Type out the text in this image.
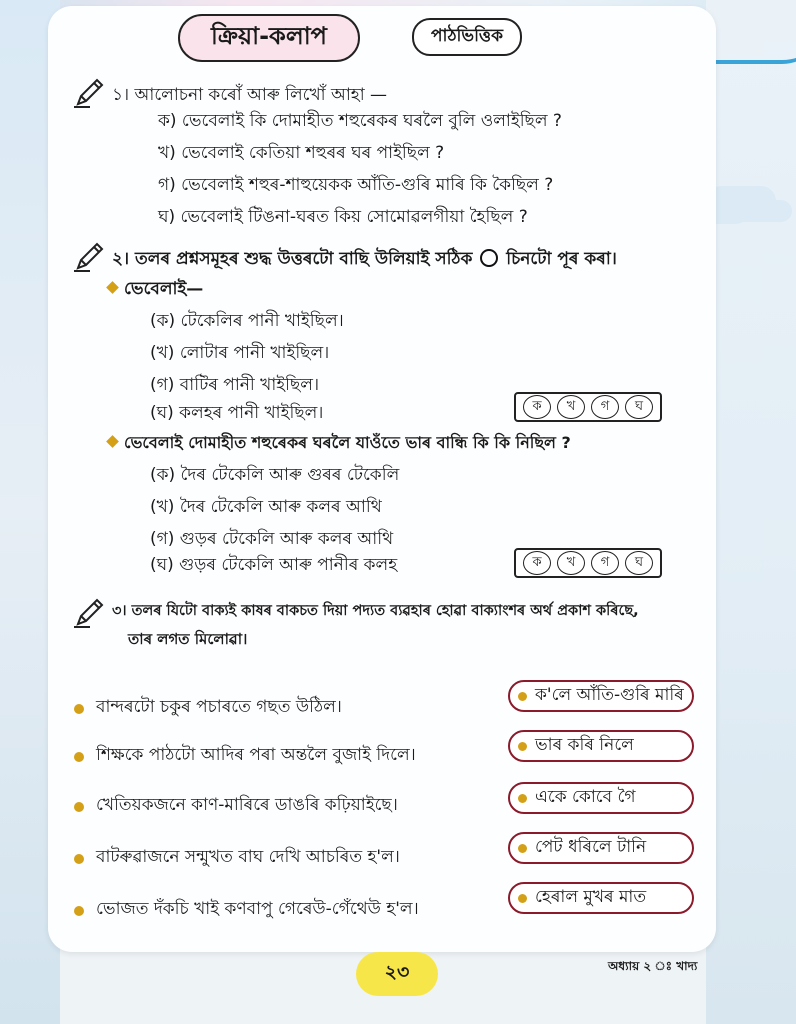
ক্রিয়া-কলাপ	পাঠভিত্তিক
১। আলোচনা কৰোঁ আৰু লিখোঁ আহা —
ক) ভেবেলাই কি দোমাহীত শহুৰেকৰ ঘৰলৈ বুলি ওলাইছিল ?
খ) ভেবেলাই কেতিয়া শহুৰৰ ঘৰ পাইছিল ?
গ) ভেবেলাই শহুৰ-শাহুয়েকক আঁতি-গুৰি মাৰি কি কৈছিল ?
ঘ) ভেবেলাই টিঙনা-ঘৰত কিয় সোমোৱলগীয়া হৈছিল ?
২। তলৰ প্ৰশ্নসমূহৰ শুদ্ধ উত্তৰটো বাছি উলিয়াই সঠিক চিনটো পূৰ কৰা।
ভেবেলাই—
(ক) টেকেলিৰ পানী খাইছিল।
(খ) লোটাৰ পানী খাইছিল।
(গ) বাটিৰ পানী খাইছিল।
(ঘ) কলহৰ পানী খাইছিল।	ক	খ	গ	ঘ
ভেবেলাই দোমাহীত শহুৰেকৰ ঘৰলৈ যাওঁতে ভাৰ বান্ধি কি কি নিছিল ?
(ক) দৈৰ টেকেলি আৰু গুৰৰ টেকেলি
(খ) দৈৰ টেকেলি আৰু কলৰ আথি
(গ) গুড়ৰ টেকেলি আৰু কলৰ আথি
(ঘ) গুড়ৰ টেকেলি আৰু পানীৰ কলহ	ক	খ	গ	ঘ
৩। তলৰ যিটো বাক্যই কাষৰ বাকচত দিয়া পদ্যত ব্যৱহাৰ হোৱা বাক্যাংশৰ অৰ্থ প্ৰকাশ কৰিছে,
তাৰ লগত মিলোৱা।
বান্দৰটো চকুৰ পচাৰতে গছত উঠিল।
শিক্ষকে পাঠটো আদিৰ পৰা অন্তলৈ বুজাই দিলে।
খেতিয়কজনে কাণ-মাৰিৰে ডাঙৰি কঢ়িয়াইছে।
বাটৰুৱাজনে সন্মুখত বাঘ দেখি আচৰিত হ'ল।
ভোজত দঁকচি খাই কণবাপু গেৰেউ-গেঁথেউ হ'ল।
ক'লে আঁতি-গুৰি মাৰি
ভাৰ কৰি নিলে
একে কোবে গৈ
পেট ধৰিলে টানি
হেৰাল মুখৰ মাত
২৩	অধ্যায় ২ ঃ খাদ্য
